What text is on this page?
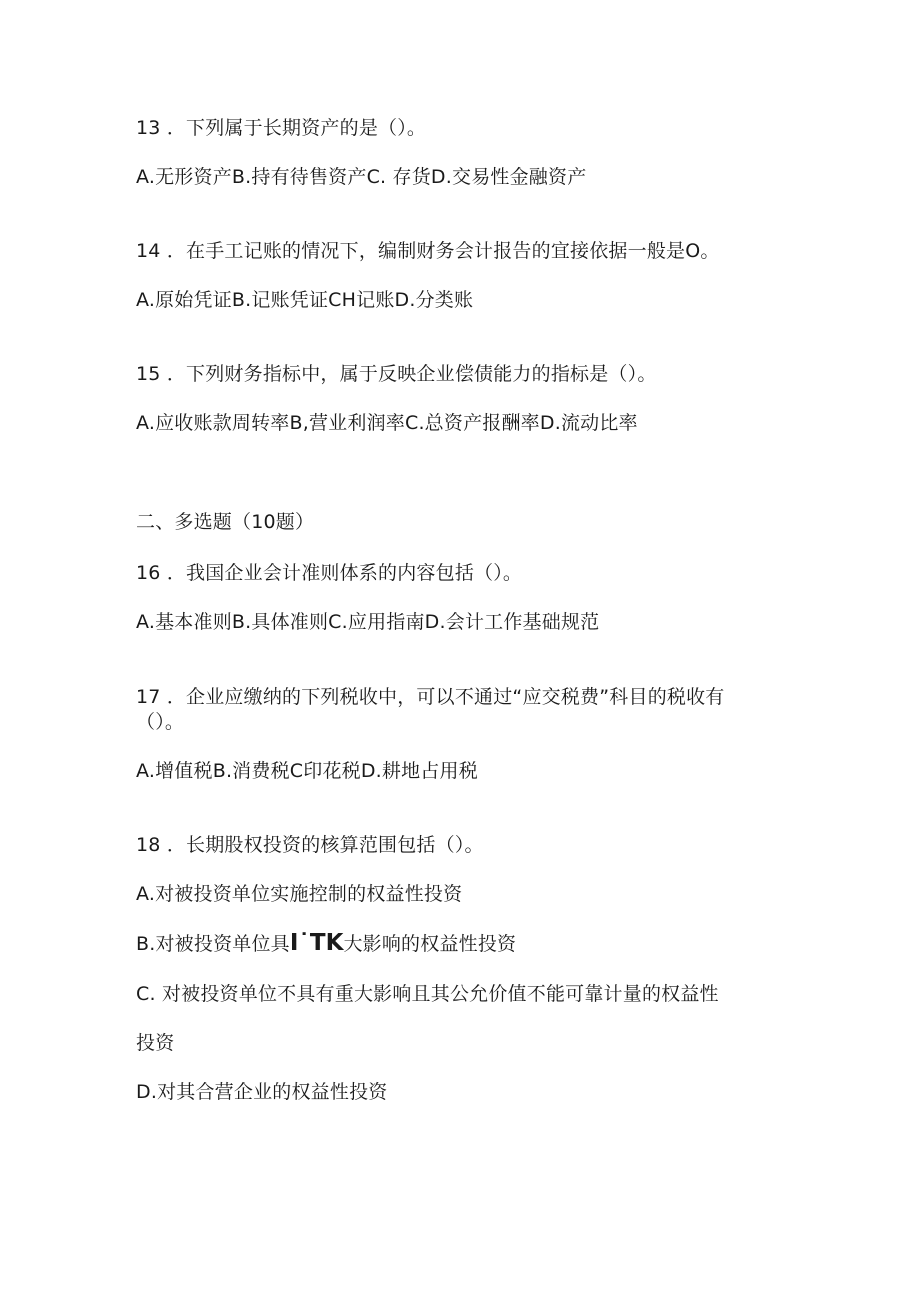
13 ．下列属于长期资产的是（）。
A.无形资产B.持有待售资产C. 存货D.交易性金融资产
14 ．在手工记账的情况下，编制财务会计报告的宜接依据一般是O。
A.原始凭证B.记账凭证CH记账D.分类账
15 ．下列财务指标中，属于反映企业偿债能力的指标是（）。
A.应收账款周转率B,营业利润率C.总资产报酬率D.流动比率
二、多选题（10题）
16 ．我国企业会计准则体系的内容包括（）。
A.基本准则B.具体准则C.应用指南D.会计工作基础规范
17 ．企业应缴纳的下列税收中，可以不通过“应交税费”科目的税收有
（）。
A.增值税B.消费税C印花税D.耕地占用税
18 ．长期股权投资的核算范围包括（）。
A.对被投资单位实施控制的权益性投资
B.对被投资单位具I˙TK大影响的权益性投资
C. 对被投资单位不具有重大影响且其公允价值不能可靠计量的权益性
投资
D.对其合营企业的权益性投资
